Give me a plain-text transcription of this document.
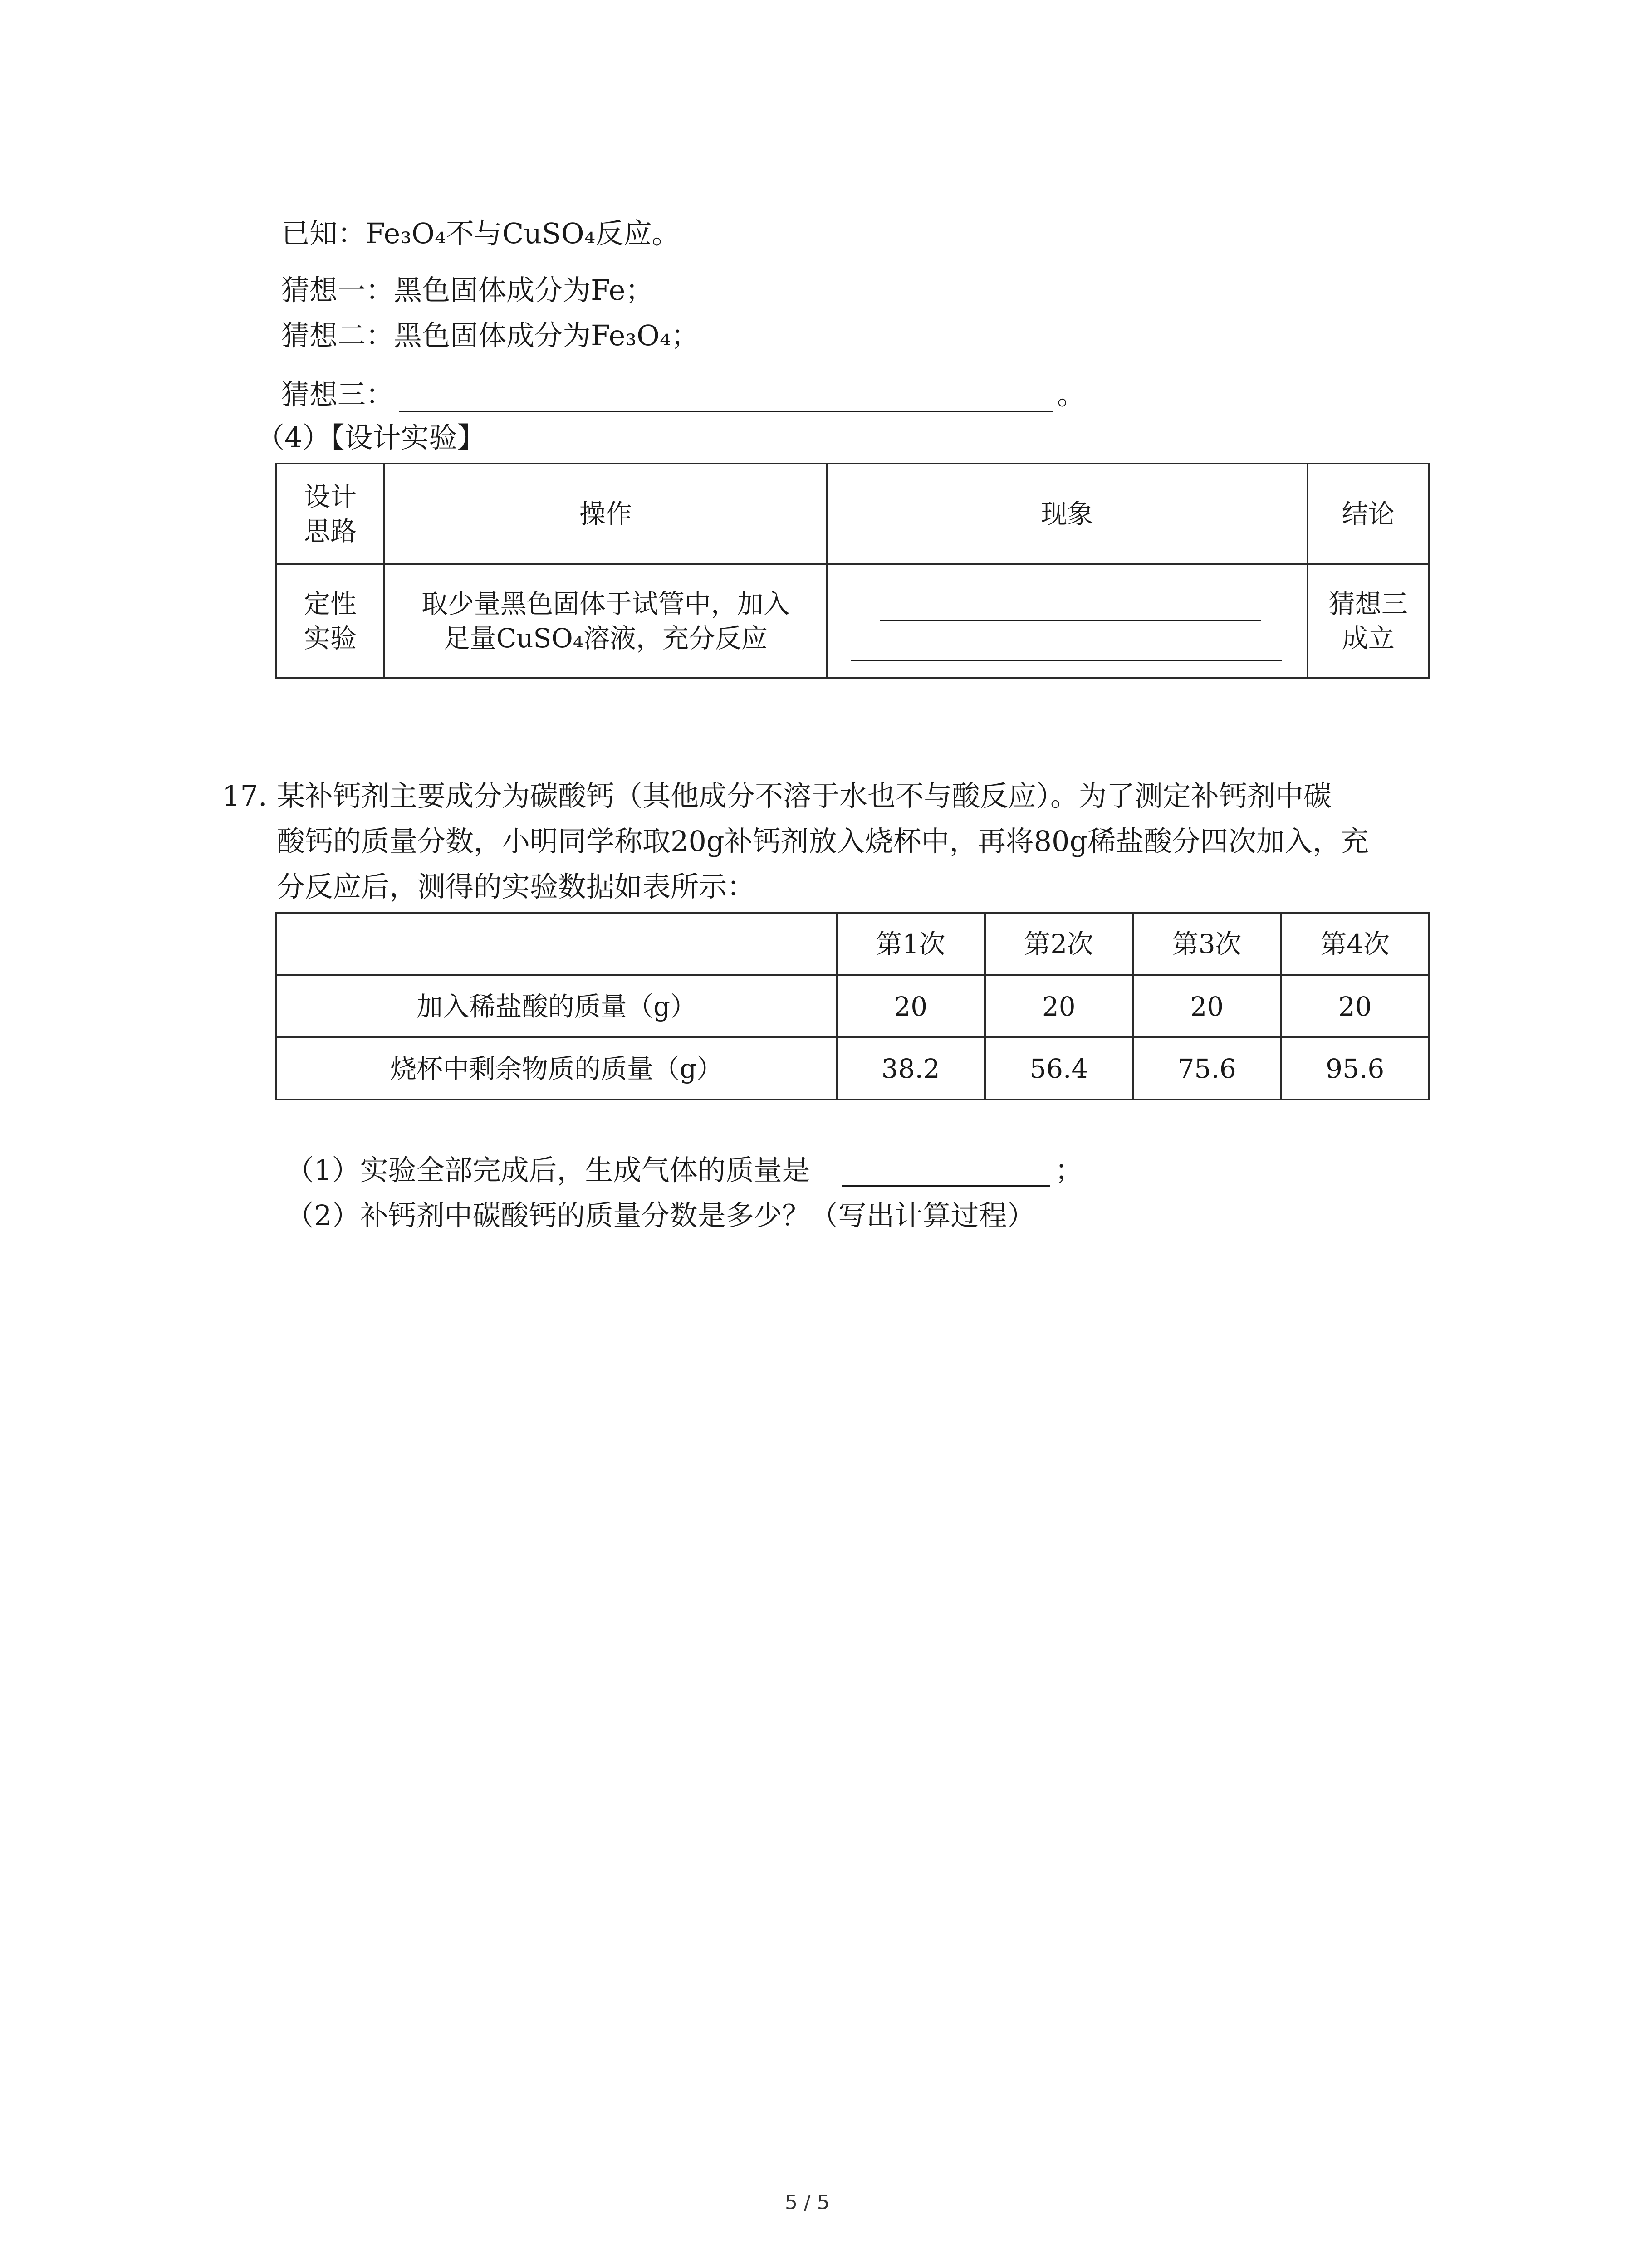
已知：Fe₃O₄不与CuSO₄反应。
猜想一：黑色固体成分为Fe；
猜想二：黑色固体成分为Fe₃O₄；
猜想三：	。
（4）【设计实验】
设计思路	操作	现象	结论

定性实验	取少量黑色固体于试管中，加入
足量CuSO₄溶液，充分反应		猜想三成立
17. 某补钙剂主要成分为碳酸钙（其他成分不溶于水也不与酸反应）。为了测定补钙剂中碳
酸钙的质量分数，小明同学称取20g补钙剂放入烧杯中，再将80g稀盐酸分四次加入，充
分反应后，测得的实验数据如表所示：
	第1次	第2次	第3次	第4次
加入稀盐酸的质量（g）	20	20	20	20
烧杯中剩余物质的质量（g）	38.2	56.4	75.6	95.6
（1）实验全部完成后，生成气体的质量是	；
（2）补钙剂中碳酸钙的质量分数是多少？（写出计算过程）
5 / 5
